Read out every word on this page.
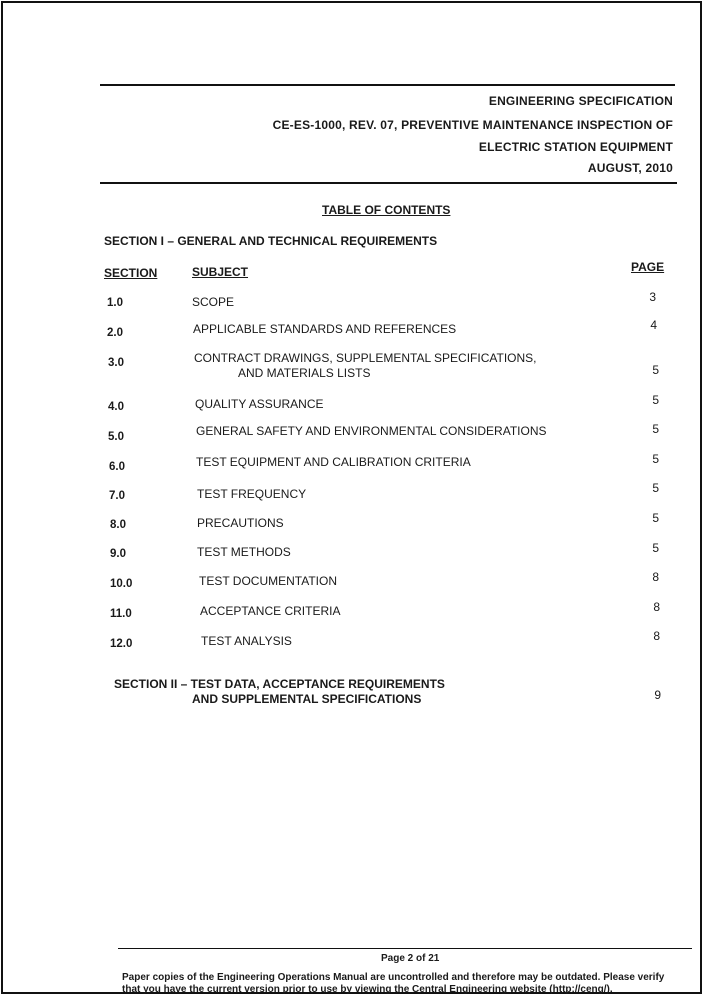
ENGINEERING SPECIFICATION
CE-ES-1000, REV. 07, PREVENTIVE MAINTENANCE INSPECTION OF
ELECTRIC STATION EQUIPMENT
AUGUST, 2010
TABLE OF CONTENTS
SECTION I – GENERAL AND TECHNICAL REQUIREMENTS
SECTION	SUBJECT	PAGE
1.0	SCOPE	3
2.0	APPLICABLE STANDARDS AND REFERENCES	4
3.0	CONTRACT DRAWINGS, SUPPLEMENTAL SPECIFICATIONS,
AND MATERIALS LISTS	5
4.0	QUALITY ASSURANCE	5
5.0	GENERAL SAFETY AND ENVIRONMENTAL CONSIDERATIONS	5
6.0	TEST EQUIPMENT AND CALIBRATION CRITERIA	5
7.0	TEST FREQUENCY	5
8.0	PRECAUTIONS	5
9.0	TEST METHODS	5
10.0	TEST DOCUMENTATION	8
11.0	ACCEPTANCE CRITERIA	8
12.0	TEST ANALYSIS	8
SECTION II – TEST DATA, ACCEPTANCE REQUIREMENTS
AND SUPPLEMENTAL SPECIFICATIONS	9
Page 2 of 21
Paper copies of the Engineering Operations Manual are uncontrolled and therefore may be outdated. Please verify
that you have the current version prior to use by viewing the Central Engineering website (http://ceng/).
